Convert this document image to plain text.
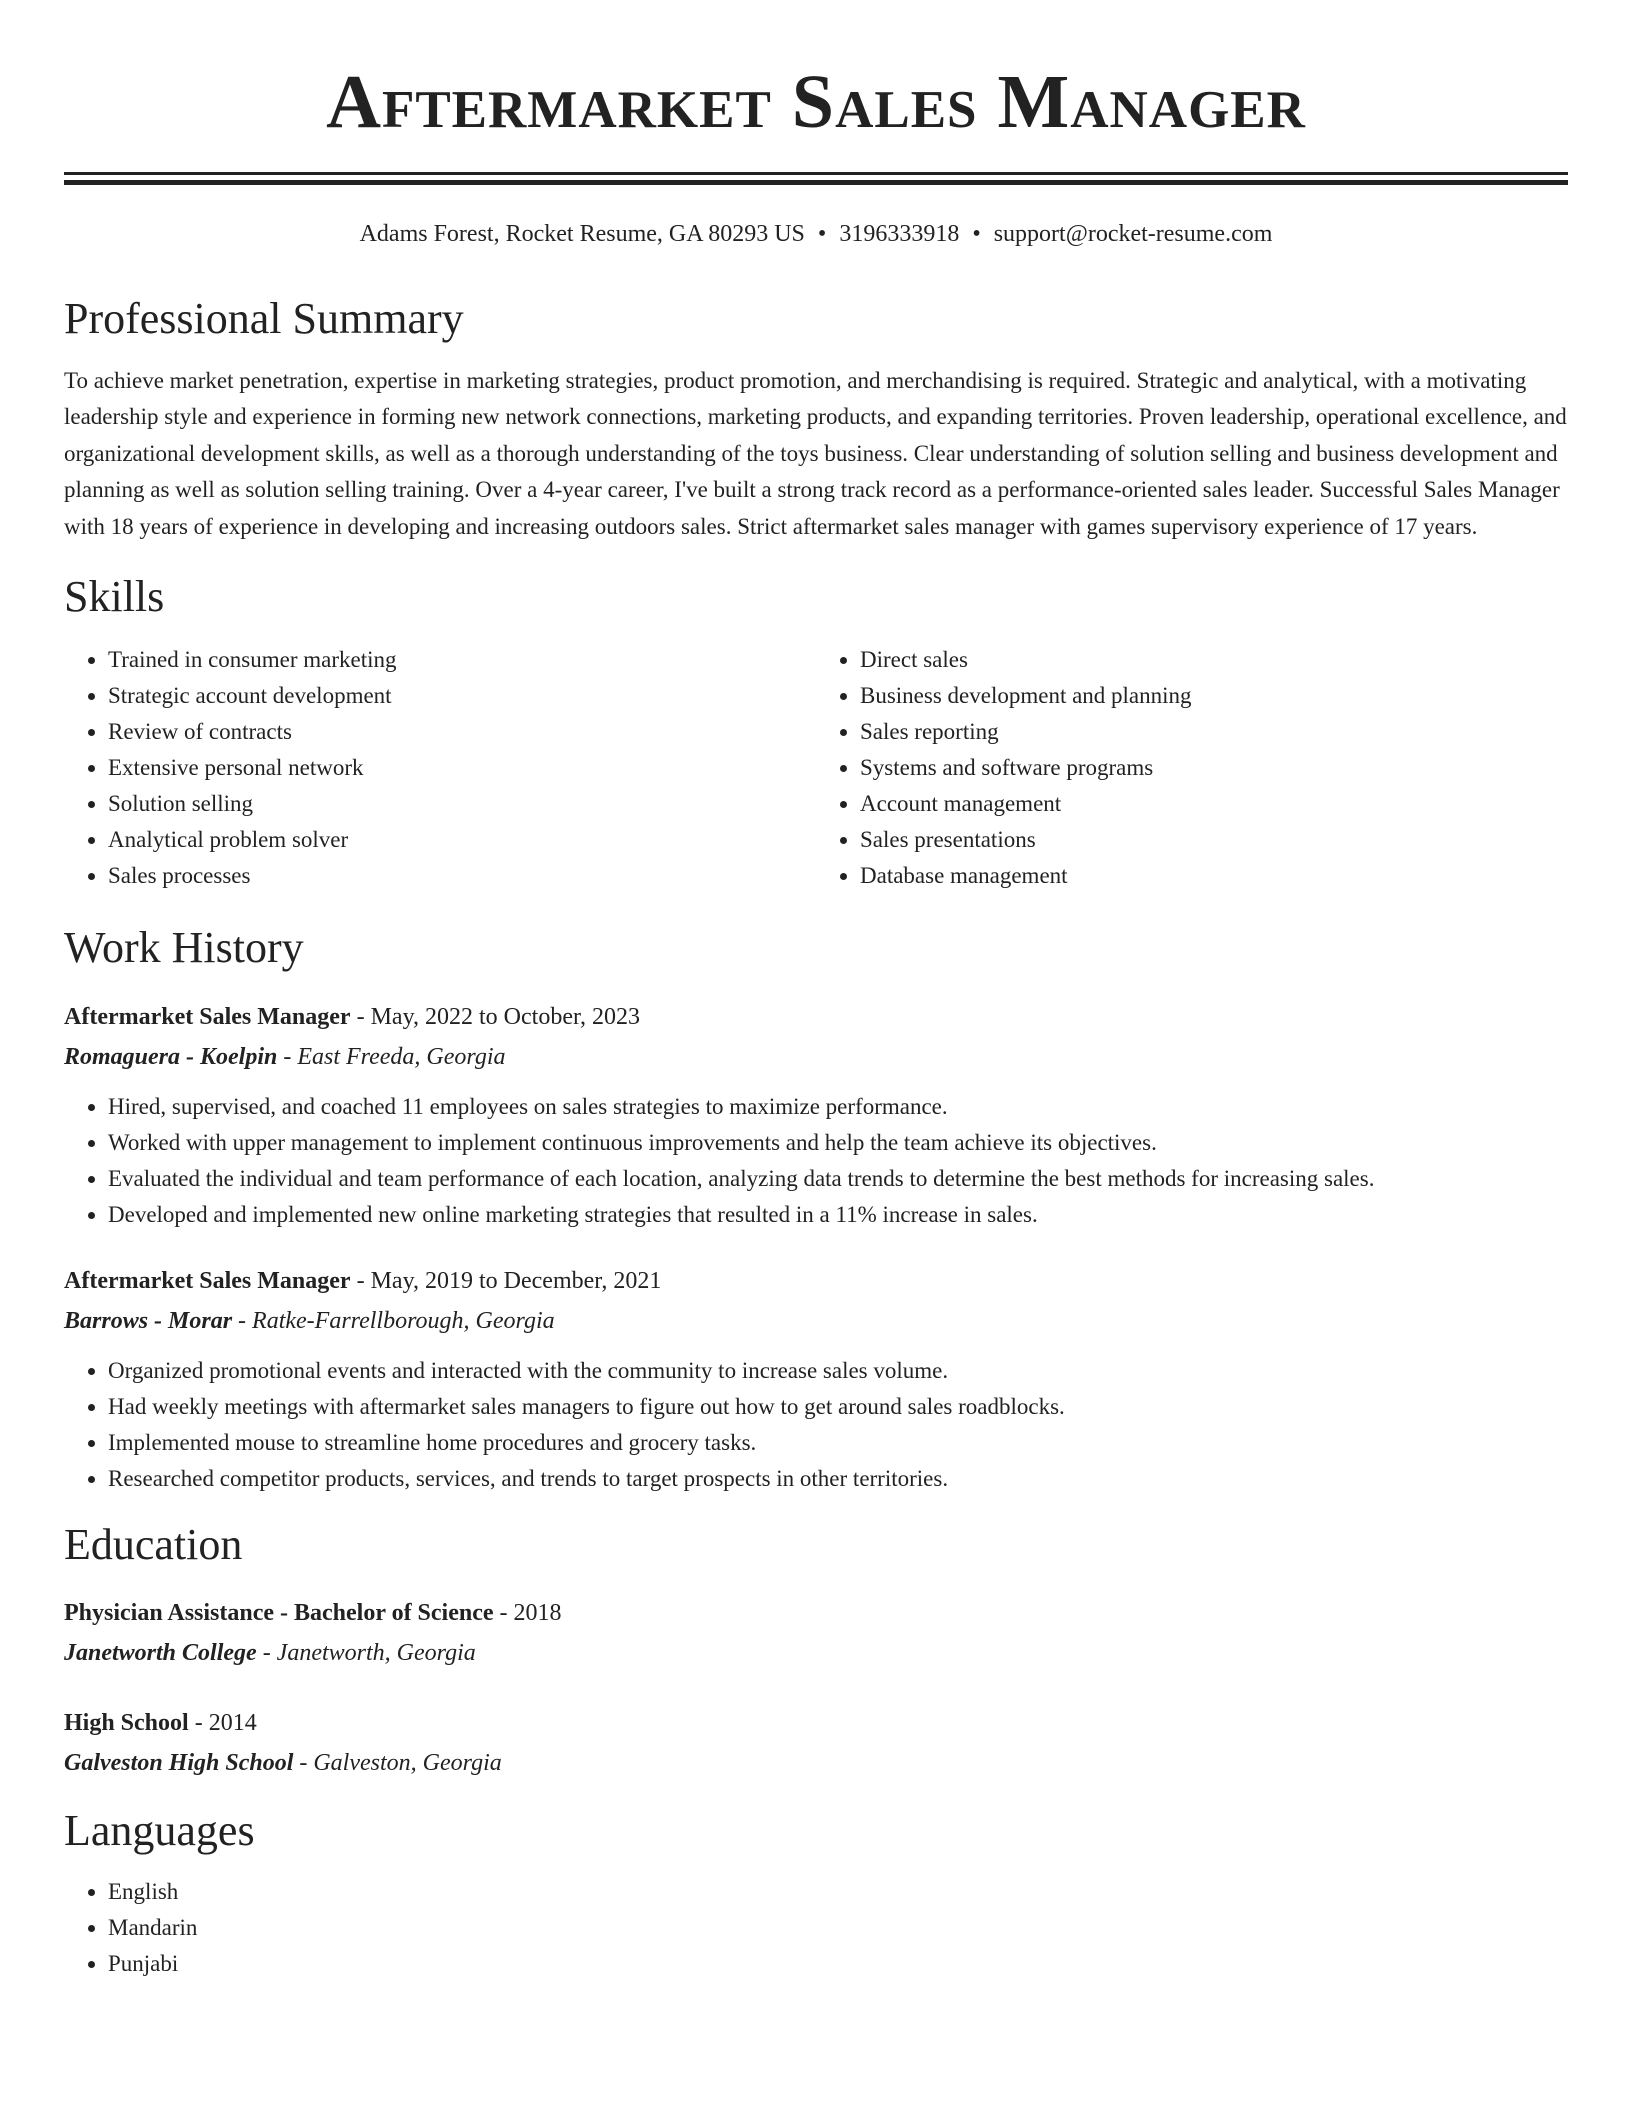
Aftermarket Sales Manager
Adams Forest, Rocket Resume, GA 80293 US • 3196333918 • support@rocket-resume.com
Professional Summary

To achieve market penetration, expertise in marketing strategies, product promotion, and merchandising is required. Strategic and analytical, with a motivating leadership style and experience in forming new network connections, marketing products, and expanding territories. Proven leadership, operational excellence, and organizational development skills, as well as a thorough understanding of the toys business. Clear understanding of solution selling and business development and planning as well as solution selling training. Over a 4-year career, I've built a strong track record as a performance-oriented sales leader. Successful Sales Manager with 18 years of experience in developing and increasing outdoors sales. Strict aftermarket sales manager with games supervisory experience of 17 years.

Skills
• Trained in consumer marketing
• Strategic account development
• Review of contracts
• Extensive personal network
• Solution selling
• Analytical problem solver
• Sales processes
• Direct sales
• Business development and planning
• Sales reporting
• Systems and software programs
• Account management
• Sales presentations
• Database management
Work History
Aftermarket Sales Manager - May, 2022 to October, 2023
Romaguera - Koelpin - East Freeda, Georgia
• Hired, supervised, and coached 11 employees on sales strategies to maximize performance.
• Worked with upper management to implement continuous improvements and help the team achieve its objectives.
• Evaluated the individual and team performance of each location, analyzing data trends to determine the best methods for increasing sales.
• Developed and implemented new online marketing strategies that resulted in a 11% increase in sales.
Aftermarket Sales Manager - May, 2019 to December, 2021
Barrows - Morar - Ratke-Farrellborough, Georgia
• Organized promotional events and interacted with the community to increase sales volume.
• Had weekly meetings with aftermarket sales managers to figure out how to get around sales roadblocks.
• Implemented mouse to streamline home procedures and grocery tasks.
• Researched competitor products, services, and trends to target prospects in other territories.
Education
Physician Assistance - Bachelor of Science - 2018
Janetworth College - Janetworth, Georgia
High School - 2014
Galveston High School - Galveston, Georgia
Languages
• English
• Mandarin
• Punjabi
